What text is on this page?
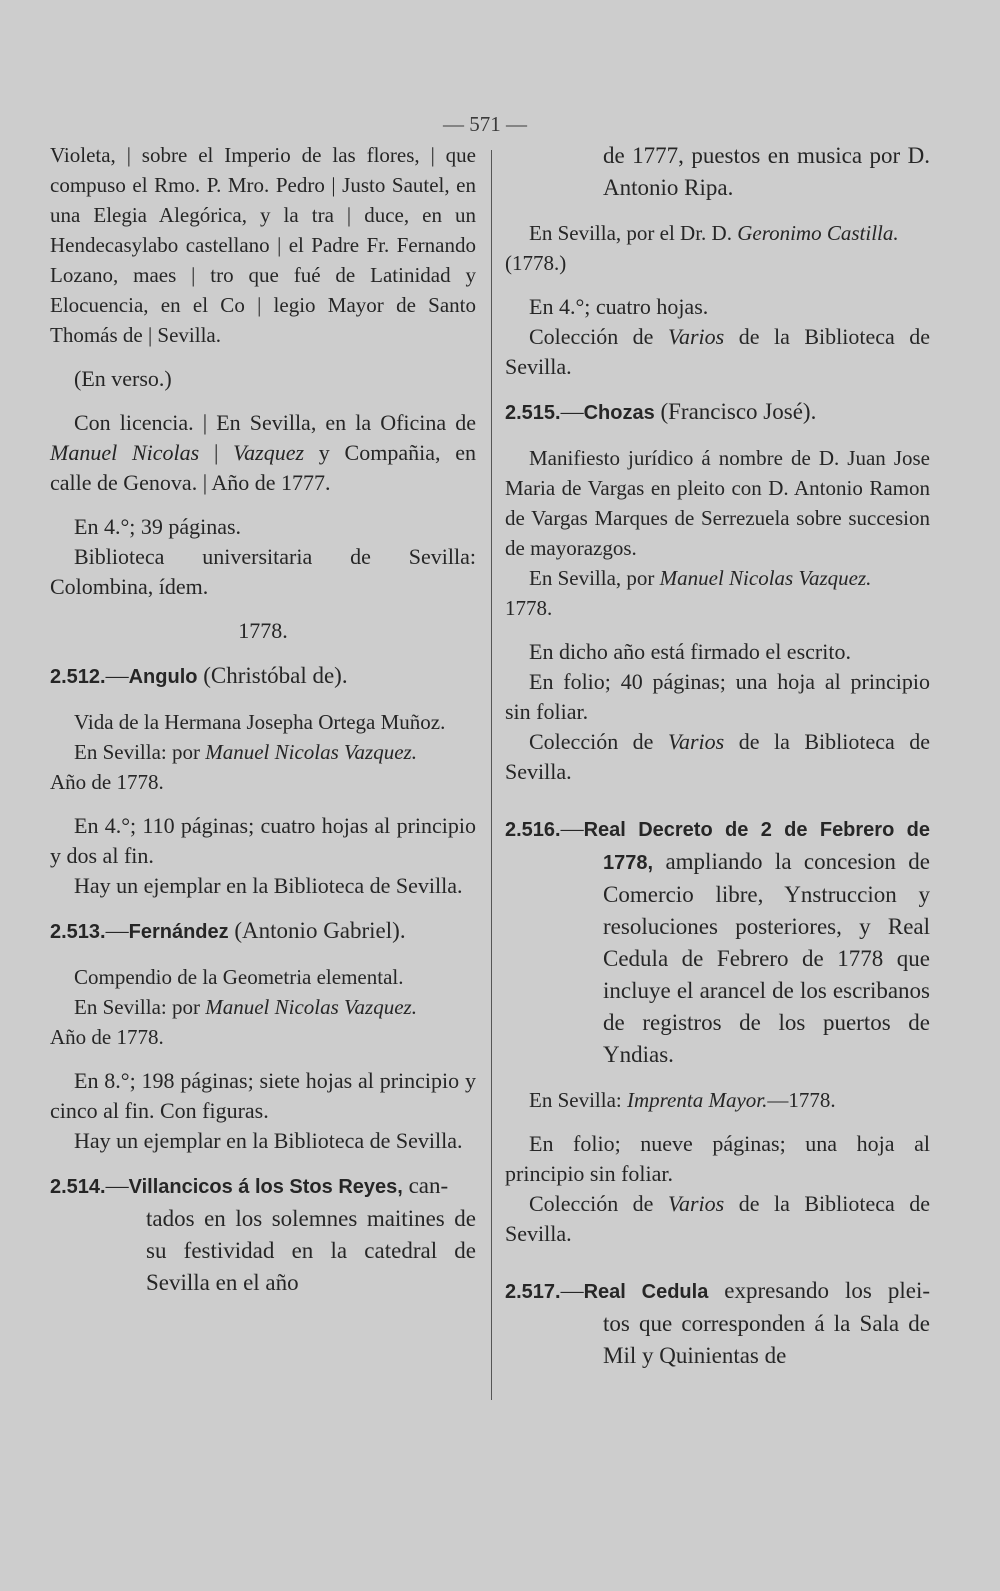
— 571 —

Violeta, | sobre el Imperio de las flores, | que compuso el Rmo. P. Mro. Pedro | Justo Sautel, en una Elegia Alegórica, y la tra | duce, en un Hendecasylabo castellano | el Padre Fr. Fernando Lozano, maes | tro que fué de Latinidad y Elocuencia, en el Co | legio Mayor de Santo Thomás de | Sevilla.

(En verso.)

Con licencia. | En Sevilla, en la Oficina de

Manuel Nicolas | Vazquez y Compañia, en

calle de Genova. | Año de 1777.

En 4.°; 39 páginas.

Biblioteca universitaria de Sevilla: Colombina, ídem.

1778.

2.512.—Angulo (Christóbal de).

Vida de la Hermana Josepha Ortega Muñoz.

En Sevilla: por Manuel Nicolas Vazquez.

Año de 1778.

En 4.°; 110 páginas; cuatro hojas al principio y dos al fin.

Hay un ejemplar en la Biblioteca de Sevilla.

2.513.—Fernández (Antonio Gabriel).

Compendio de la Geometria elemental.

En Sevilla: por Manuel Nicolas Vazquez.

Año de 1778.

En 8.°; 198 páginas; siete hojas al principio y cinco al fin. Con figuras.

Hay un ejemplar en la Biblioteca de Sevilla.

2.514.—Villancicos á los Stos Reyes, can-

tados en los solemnes maitines de su festividad en la catedral de Sevilla en el año

de 1777, puestos en musica por D. Antonio Ripa.

En Sevilla, por el Dr. D. Geronimo Castilla.

(1778.)

En 4.°; cuatro hojas.

Colección de Varios de la Biblioteca de Sevilla.

2.515.—Chozas (Francisco José).

Manifiesto jurídico á nombre de D. Juan Jose Maria de Vargas en pleito con D. Antonio Ramon de Vargas Marques de Serrezuela sobre succesion de mayorazgos.

En Sevilla, por Manuel Nicolas Vazquez.

1778.

En dicho año está firmado el escrito.

En folio; 40 páginas; una hoja al principio sin foliar.

Colección de Varios de la Biblioteca de Sevilla.

2.516.—Real Decreto de 2 de Febrero de

1778, ampliando la concesion de Comercio libre, Ynstruccion y resoluciones posteriores, y Real Cedula de Febrero de 1778 que incluye el arancel de los escribanos de registros de los puertos de Yndias.

En Sevilla: Imprenta Mayor.—1778.

En folio; nueve páginas; una hoja al principio sin foliar.

Colección de Varios de la Biblioteca de Sevilla.

2.517.—Real Cedula expresando los plei-

tos que corresponden á la Sala de Mil y Quinientas de
